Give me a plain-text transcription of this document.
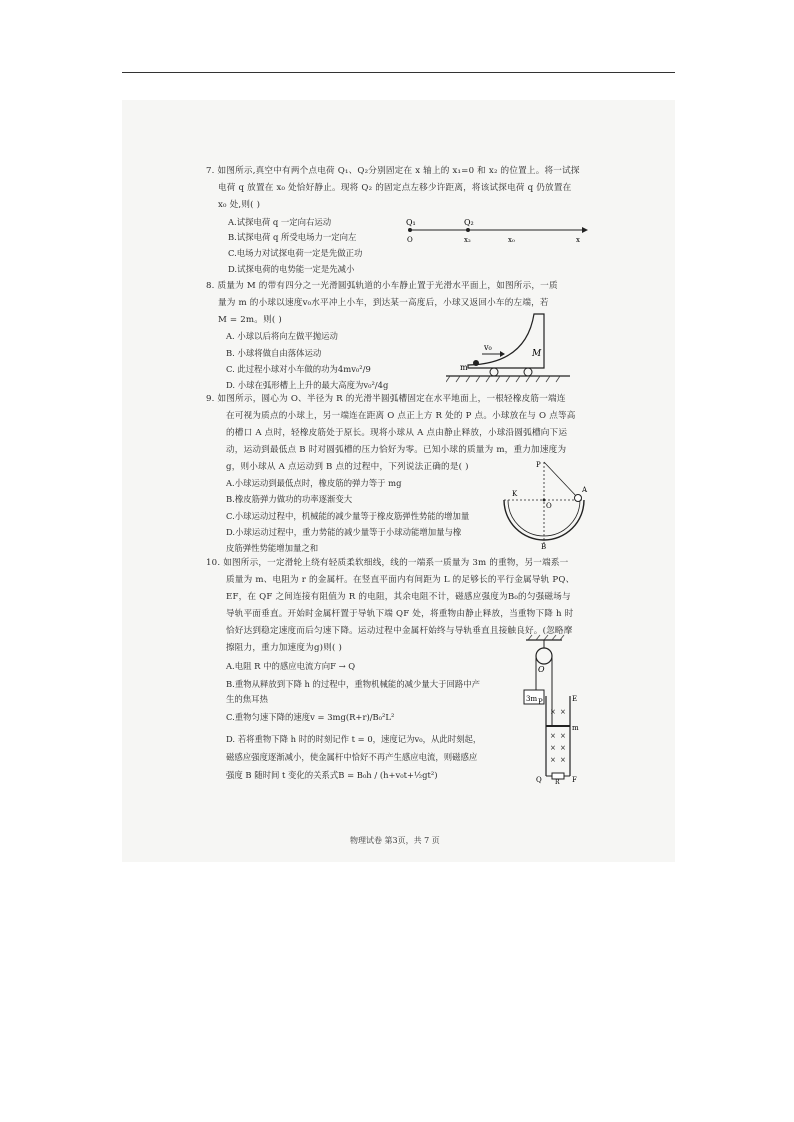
7. 如图所示,真空中有两个点电荷 Q₁、Q₂分别固定在 x 轴上的 x₁=0 和 x₂ 的位置上。将一试探
电荷 q 放置在 x₀ 处恰好静止。现将 Q₂ 的固定点左移少许距离，将该试探电荷 q 仍放置在
x₀ 处,则( )
A.试探电荷 q 一定向右运动
B.试探电荷 q 所受电场力一定向左
C.电场力对试探电荷一定是先做正功
D.试探电荷的电势能一定是先减小
Q₁	Q₂
O	x₂	x₀	x
8. 质量为 M 的带有四分之一光滑圆弧轨道的小车静止置于光滑水平面上，如图所示，一质
量为 m 的小球以速度v₀水平冲上小车，到达某一高度后，小球又返回小车的左端，若
M = 2m。则( )
A. 小球以后将向左做平抛运动
B. 小球将做自由落体运动
C. 此过程小球对小车做的功为4mv₀²/9
D. 小球在弧形槽上上升的最大高度为v₀²/4g
v₀
m
M
9. 如图所示，圆心为 O、半径为 R 的光滑半圆弧槽固定在水平地面上，一根轻橡皮筋一端连
在可视为质点的小球上，另一端连在距离 O 点正上方 R 处的 P 点。小球放在与 O 点等高
的槽口 A 点时，轻橡皮筋处于原长。现将小球从 A 点由静止释放，小球沿圆弧槽向下运
动，运动到最低点 B 时对圆弧槽的压力恰好为零。已知小球的质量为 m，重力加速度为
g，则小球从 A 点运动到 B 点的过程中，下列说法正确的是( )
A.小球运动到最低点时，橡皮筋的弹力等于 mg
B.橡皮筋弹力做功的功率逐渐变大
C.小球运动过程中，机械能的减少量等于橡皮筋弹性势能的增加量
D.小球运动过程中，重力势能的减少量等于小球动能增加量与橡
皮筋弹性势能增加量之和
P
K
O
A
B
10. 如图所示，一定滑轮上绕有轻质柔软细线，线的一端系一质量为 3m 的重物，另一端系一
质量为 m、电阻为 r 的金属杆。在竖直平面内有间距为 L 的足够长的平行金属导轨 PQ、
EF，在 QF 之间连接有阻值为 R 的电阻，其余电阻不计，磁感应强度为B₀的匀强磁场与
导轨平面垂直。开始时金属杆置于导轨下端 QF 处，将重物由静止释放，当重物下降 h 时
恰好达到稳定速度而后匀速下降。运动过程中金属杆始终与导轨垂直且接触良好。(忽略摩
擦阻力，重力加速度为g)则( )
A.电阻 R 中的感应电流方向F → Q
B.重物从释放到下降 h 的过程中，重物机械能的减少量大于回路中产
生的焦耳热
C.重物匀速下降的速度v = 3mg(R+r)/B₀²L²
D. 若将重物下降 h 时的时刻记作 t = 0，速度记为v₀，从此时刻起，
磁感应强度逐渐减小，使金属杆中恰好不再产生感应电流，则磁感应
强度 B 随时间 t 变化的关系式B = B₀h / (h+v₀t+½gt²)
× ×
× ×
× ×
× ×
O
3m P	E
m
Q R F
物理试卷 第3页，共 7 页
